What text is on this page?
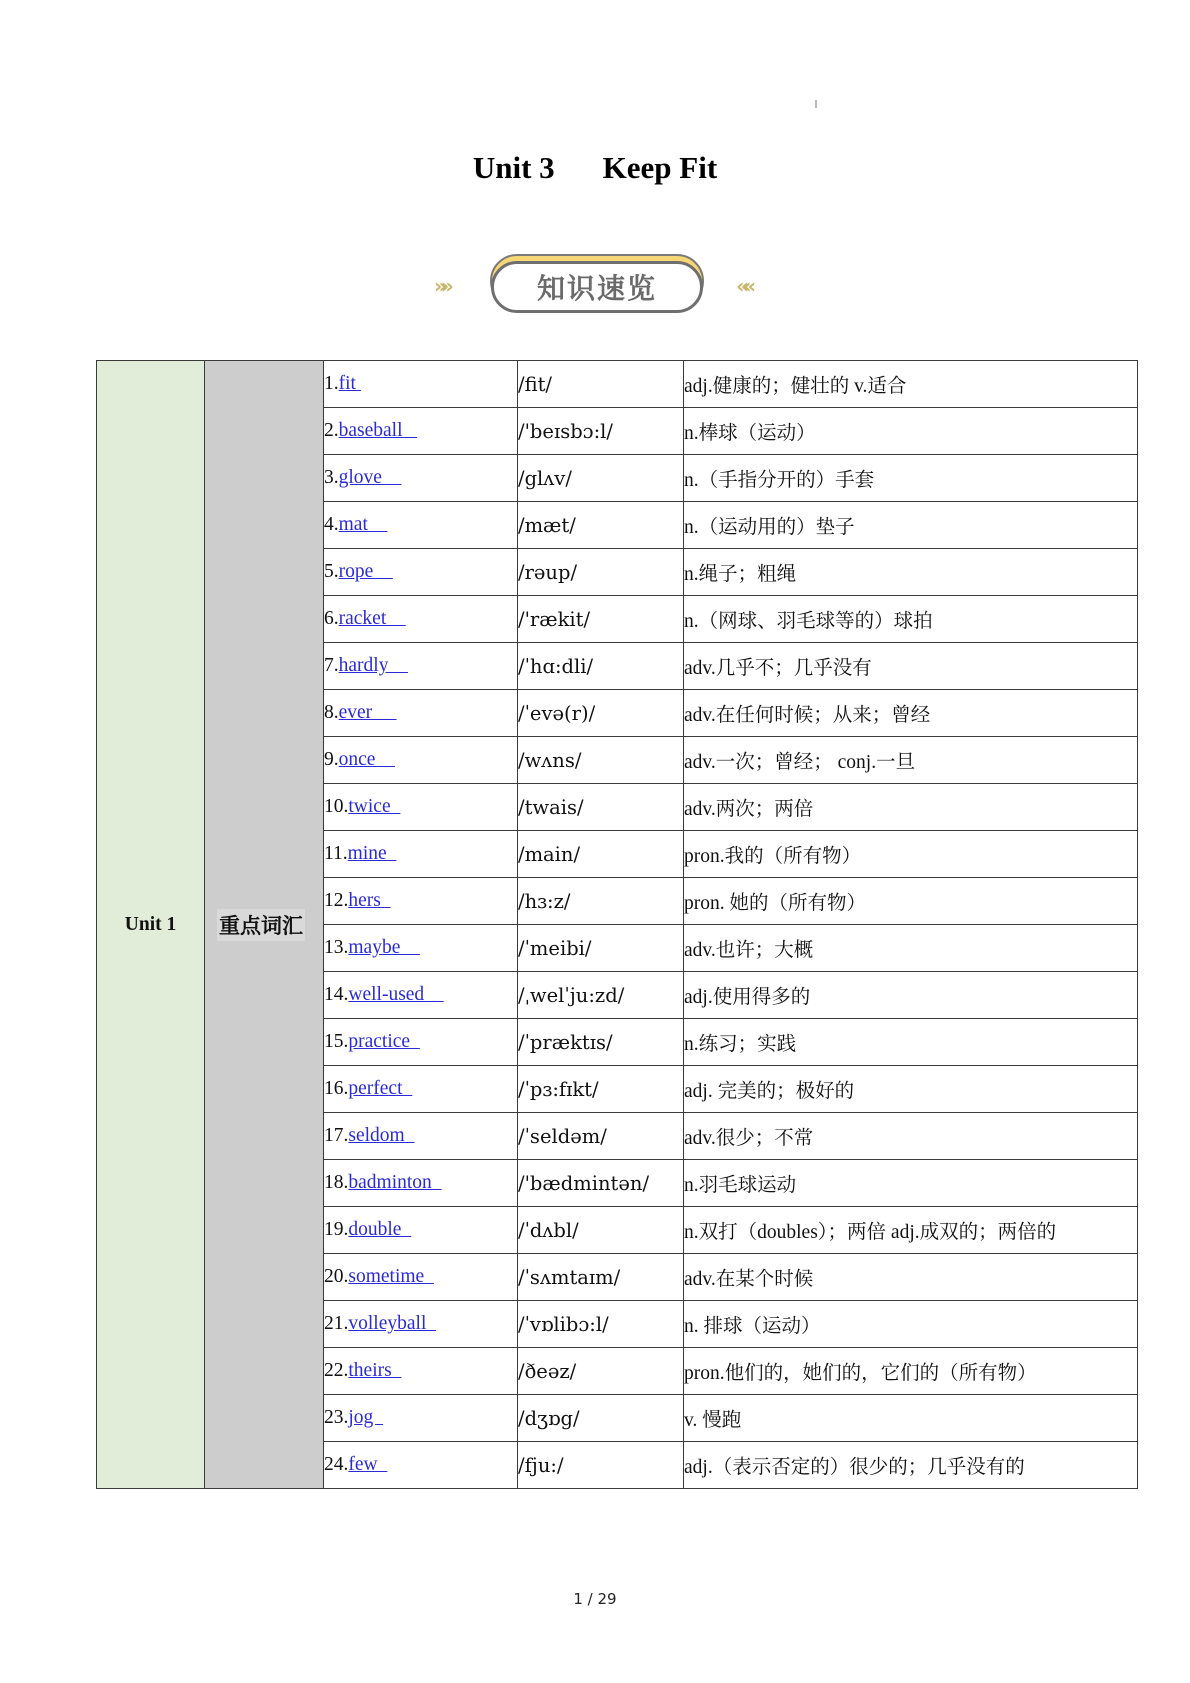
Unit 3 Keep Fit
»»	知识速览	««
Unit 1	重点词汇	1.fit	/fit/	adj.健康的；健壮的 v.适合
		2.baseball	/'beɪsbɔ:l/	n.棒球（运动）
		3.glove	/glʌv/	n.（手指分开的）手套
		4.mat	/mæt/	n.（运动用的）垫子
		5.rope	/rəup/	n.绳子；粗绳
		6.racket	/'rækit/	n.（网球、羽毛球等的）球拍
		7.hardly	/ˈhɑ:dli/	adv.几乎不；几乎没有
		8.ever	/ˈevə(r)/	adv.在任何时候；从来；曾经
		9.once	/wʌns/	adv.一次；曾经； conj.一旦
		10.twice	/twais/	adv.两次；两倍
		11.mine	/main/	pron.我的（所有物）
		12.hers	/hɜ:z/	pron. 她的（所有物）
		13.maybe	/ˈmeibi/	adv.也许；大概
		14.well-used	/ˌwelˈju:zd/	adj.使用得多的
		15.practice	/ˈpræktɪs/	n.练习；实践
		16.perfect	/ˈpɜ:fɪkt/	adj. 完美的；极好的
		17.seldom	/ˈseldəm/	adv.很少；不常
		18.badminton	/'bædmintən/	n.羽毛球运动
		19.double	/ˈdʌbl/	n.双打（doubles）；两倍 adj.成双的；两倍的
		20.sometime	/ˈsʌmtaɪm/	adv.在某个时候
		21.volleyball	/ˈvɒlibɔ:l/	n. 排球（运动）
		22.theirs	/ðeəz/	pron.他们的，她们的，它们的（所有物）
		23.jog	/dʒɒg/	v. 慢跑
		24.few	/fju:/	adj.（表示否定的）很少的；几乎没有的
1 / 29
